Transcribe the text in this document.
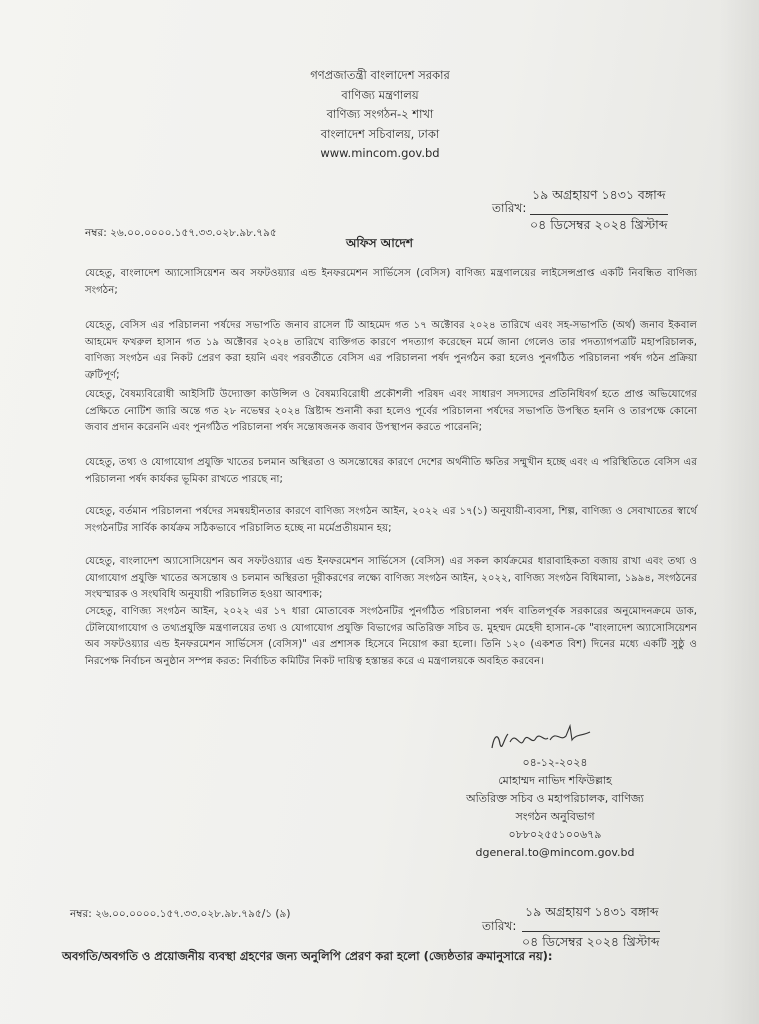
গণপ্রজাতন্ত্রী বাংলাদেশ সরকার
বাণিজ্য মন্ত্রণালয়
বাণিজ্য সংগঠন-২ শাখা
বাংলাদেশ সচিবালয়, ঢাকা
www.mincom.gov.bd
১৯ অগ্রহায়ণ ১৪৩১ বঙ্গাব্দ
তারিখ:
০৪ ডিসেম্বর ২০২৪ খ্রিস্টাব্দ
নম্বর: ২৬.০০.০০০০.১৫৭.৩৩.০২৮.৯৮.৭৯৫
অফিস আদেশ
যেহেতু, বাংলাদেশ অ্যাসোসিয়েশন অব সফটওয়্যার এন্ড ইনফরমেশন সার্ভিসেস (বেসিস) বাণিজ্য মন্ত্রণালয়ের লাইসেন্সপ্রাপ্ত একটি নিবন্ধিত বাণিজ্য সংগঠন;
যেহেতু, বেসিস এর পরিচালনা পর্ষদের সভাপতি জনাব রাসেল টি আহমেদ গত ১৭ অক্টোবর ২০২৪ তারিখে এবং সহ-সভাপতি (অর্থ) জনাব ইকবাল আহমেদ ফখরুল হাসান গত ১৯ অক্টোবর ২০২৪ তারিখে ব্যক্তিগত কারণে পদত্যাগ করেছেন মর্মে জানা গেলেও তার পদত্যাগপত্রটি মহাপরিচালক, বাণিজ্য সংগঠন এর নিকট প্রেরণ করা হয়নি এবং পরবর্তীতে বেসিস এর পরিচালনা পর্ষদ পুনর্গঠন করা হলেও পুনর্গঠিত পরিচালনা পর্ষদ গঠন প্রক্রিয়া ত্রুটিপূর্ণ;
যেহেতু, বৈষম্যবিরোধী আইসিটি উদ্যোক্তা কাউন্সিল ও বৈষম্যবিরোধী প্রকৌশলী পরিষদ এবং সাধারণ সদস্যদের প্রতিনিধিবর্গ হতে প্রাপ্ত অভিযোগের প্রেক্ষিতে নোটিশ জারি অন্তে গত ২৮ নভেম্বর ২০২৪ খ্রিষ্টাব্দ শুনানী করা হলেও পূর্বের পরিচালনা পর্ষদের সভাপতি উপস্থিত হননি ও তারপক্ষে কোনো জবাব প্রদান করেননি এবং পুনর্গঠিত পরিচালনা পর্ষদ সন্তোষজনক জবাব উপস্থাপন করতে পারেননি;
যেহেতু, তথ্য ও যোগাযোগ প্রযুক্তি খাতের চলমান অস্থিরতা ও অসন্তোষের কারণে দেশের অর্থনীতি ক্ষতির সম্মুখীন হচ্ছে এবং এ পরিস্থিতিতে বেসিস এর পরিচালনা পর্ষদ কার্যকর ভূমিকা রাখতে পারছে না;
যেহেতু, বর্তমান পরিচালনা পর্ষদের সমন্বয়হীনতার কারণে বাণিজ্য সংগঠন আইন, ২০২২ এর ১৭(১) অনুযায়ী-ব্যবসা, শিল্প, বাণিজ্য ও সেবাখাতের স্বার্থে সংগঠনটির সার্বিক কার্যক্রম সঠিকভাবে পরিচালিত হচ্ছে না মর্মেপ্রতীয়মান হয়;
যেহেতু, বাংলাদেশ অ্যাসোসিয়েশন অব সফটওয়্যার এন্ড ইনফরমেশন সার্ভিসেস (বেসিস) এর সকল কার্যক্রমের ধারাবাহিকতা বজায় রাখা এবং তথ্য ও যোগাযোগ প্রযুক্তি খাতের অসন্তোষ ও চলমান অস্থিরতা দূরীকরণের লক্ষ্যে বাণিজ্য সংগঠন আইন, ২০২২, বাণিজ্য সংগঠন বিধিমালা, ১৯৯৪, সংগঠনের সংঘস্মারক ও সংঘবিধি অনুযায়ী পরিচালিত হওয়া আবশ্যক;
সেহেতু, বাণিজ্য সংগঠন আইন, ২০২২ এর ১৭ ধারা মোতাবেক সংগঠনটির পুনর্গঠিত পরিচালনা পর্ষদ বাতিলপূর্বক সরকারের অনুমোদনক্রমে ডাক, টেলিযোগাযোগ ও তথ্যপ্রযুক্তি মন্ত্রণালয়ের তথ্য ও যোগাযোগ প্রযুক্তি বিভাগের অতিরিক্ত সচিব ড. মুহম্মদ মেহেদী হাসান-কে "বাংলাদেশ অ্যাসোসিয়েশন অব সফটওয়্যার এন্ড ইনফরমেশন সার্ভিসেস (বেসিস)" এর প্রশাসক হিসেবে নিয়োগ করা হলো। তিনি ১২০ (একশত বিশ) দিনের মধ্যে একটি সুষ্ঠু ও নিরপেক্ষ নির্বাচন অনুষ্ঠান সম্পন্ন করত: নির্বাচিত কমিটির নিকট দায়িত্ব হস্তান্তর করে এ মন্ত্রণালয়কে অবহিত করবেন।
০৪-১২-২০২৪
মোহাম্মদ নাভিদ শফিউল্লাহ
অতিরিক্ত সচিব ও মহাপরিচালক, বাণিজ্য
সংগঠন অনুবিভাগ
০৮৮০২৫৫১০০৬৭৯
dgeneral.to@mincom.gov.bd
নম্বর: ২৬.০০.০০০০.১৫৭.৩৩.০২৮.৯৮.৭৯৫/১ (৯)	১৯ অগ্রহায়ণ ১৪৩১ বঙ্গাব্দ
তারিখ:
০৪ ডিসেম্বর ২০২৪ খ্রিস্টাব্দ
অবগতি/অবগতি ও প্রয়োজনীয় ব্যবস্থা গ্রহণের জন্য অনুলিপি প্রেরণ করা হলো (জ্যেষ্ঠতার ক্রমানুসারে নয়):
